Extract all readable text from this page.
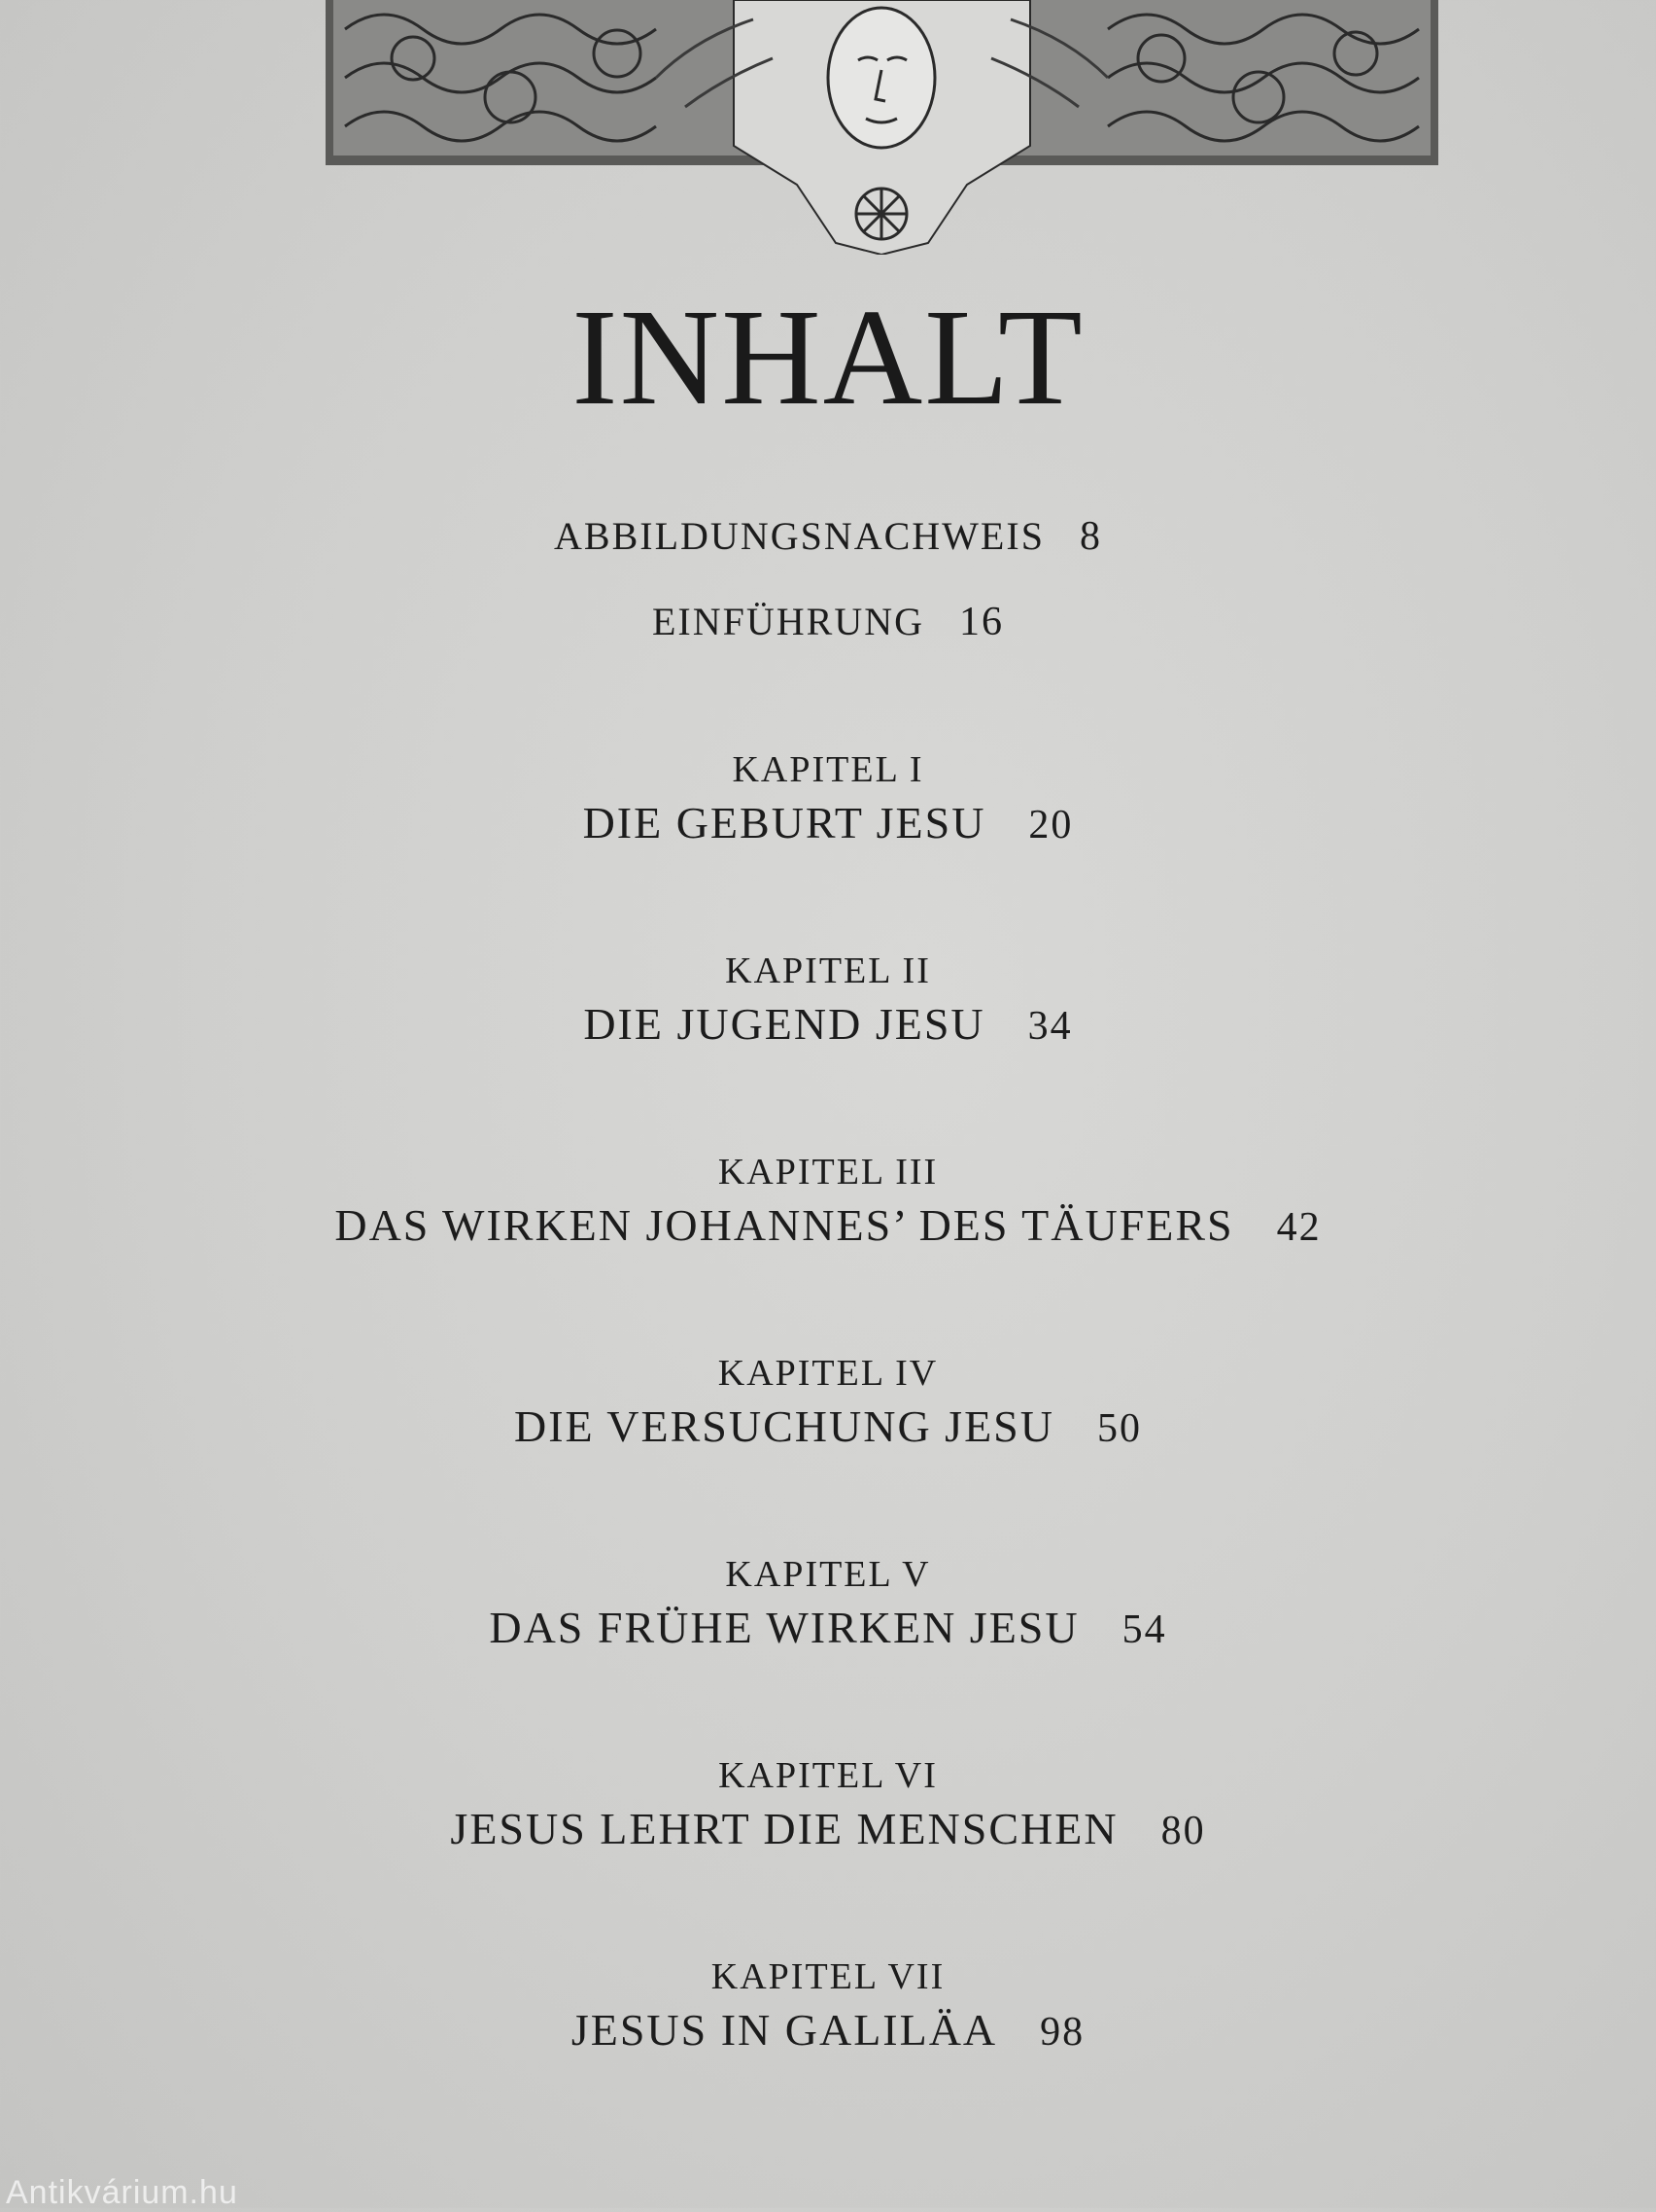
INHALT
ABBILDUNGSNACHWEIS 8
EINFÜHRUNG 16
KAPITEL I
DIE GEBURT JESU 20
KAPITEL II
DIE JUGEND JESU 34
KAPITEL III
DAS WIRKEN JOHANNES’ DES TÄUFERS 42
KAPITEL IV
DIE VERSUCHUNG JESU 50
KAPITEL V
DAS FRÜHE WIRKEN JESU 54
KAPITEL VI
JESUS LEHRT DIE MENSCHEN 80
KAPITEL VII
JESUS IN GALILÄA 98
Antikvárium.hu
